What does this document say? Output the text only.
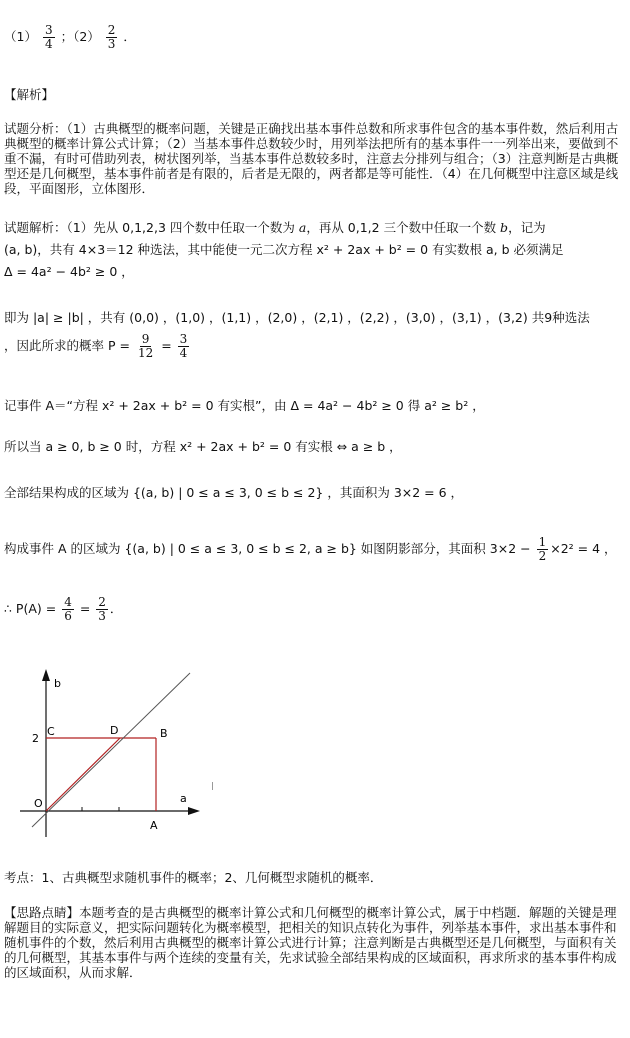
$(1) \frac{3}{4}$ ；$(2) \frac{2}{3}$ ．
【解析】
试题分析：（1）古典概型的概率问题，关键是正确找出基本事件总数和所求事件包含的基本事件数，然后利用古典概型的概率计算公式计算；（2）当基本事件总数较少时，用列举法把所有的基本事件一一列举出来，要做到不重不漏，有时可借助列表，树状图列举，当基本事件总数较多时，注意去分排列与组合；（3）注意判断是古典概型还是几何概型，基本事件前者是有限的，后者是无限的，两者都是等可能性．（4）在几何概型中注意区域是线段，平面图形，立体图形．
试题解析：（1）先从 0,1,2,3 四个数中任取一个数为 a，再从 0,1,2 三个数中任取一个数 b，记为
(a, b)，共有 4×3＝12 种选法，其中能使一元二次方程 x² + 2ax + b² = 0 有实数根 a, b 必须满足
Δ = 4a² − 4b² ≥ 0 ，
即为 |a| ≥ |b| ，共有 (0,0) ，(1,0) ，(1,1) ，(2,0) ，(2,1) ，(2,2) ，(3,0) ，(3,1) ，(3,2) 共9种选法
，因此所求的概率 $P = \frac{9}{12} = \frac{3}{4}$
记事件 A＝“方程 x² + 2ax + b² = 0 有实根”，由 Δ = 4a² − 4b² ≥ 0 得 a² ≥ b² ，
所以当 a ≥ 0, b ≥ 0 时，方程 x² + 2ax + b² = 0 有实根 ⇔ a ≥ b ，
全部结果构成的区域为 {(a, b) | 0 ≤ a ≤ 3, 0 ≤ b ≤ 2} ，其面积为 3×2 = 6 ，
构成事件 A 的区域为 {(a, b) | 0 ≤ a ≤ 3, 0 ≤ b ≤ 2, a ≥ b} 如图阴影部分，其面积 $3\times 2 - \frac{1}{2} \times 2^2 = 4$ ，
∴ $P(A) = \frac{4}{6} = \frac{2}{3}$ ．
b
a
C	D	B
O
A
2
考点：1、古典概型求随机事件的概率；2、几何概型求随机的概率．
【思路点睛】本题考查的是古典概型的概率计算公式和几何概型的概率计算公式，属于中档题．解题的关键是理解题目的实际意义，把实际问题转化为概率模型，把相关的知识点转化为事件，列举基本事件，求出基本事件和随机事件的个数，然后利用古典概型的概率计算公式进行计算；注意判断是古典概型还是几何概型，与面积有关的几何概型，其基本事件与两个连续的变量有关，先求试验全部结果构成的区域面积，再求所求的基本事件构成的区域面积，从而求解．
